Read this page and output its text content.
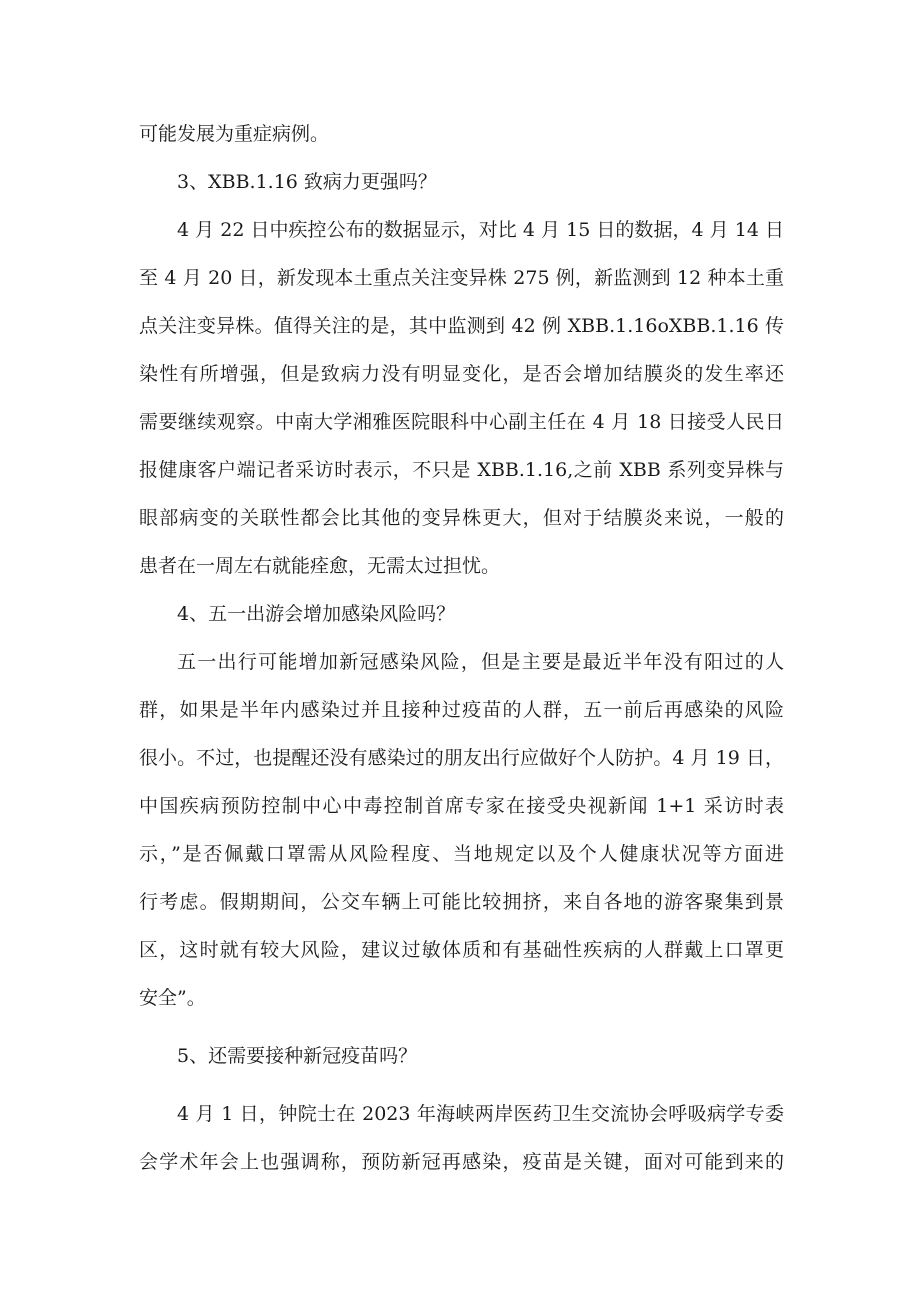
可能发展为重症病例。
3、XBB.1.16 致病力更强吗？
4 月 22 日中疾控公布的数据显示，对比 4 月 15 日的数据，4 月 14 日
至 4 月 20 日，新发现本土重点关注变异株 275 例，新监测到 12 种本土重
点关注变异株。值得关注的是，其中监测到 42 例 XBB.1.16oXBB.1.16 传
染性有所增强，但是致病力没有明显变化，是否会增加结膜炎的发生率还
需要继续观察。中南大学湘雅医院眼科中心副主任在 4 月 18 日接受人民日
报健康客户端记者采访时表示，不只是 XBB.1.16,之前 XBB 系列变异株与
眼部病变的关联性都会比其他的变异株更大，但对于结膜炎来说，一般的
患者在一周左右就能痊愈，无需太过担忧。
4、五一出游会增加感染风险吗？
五一出行可能增加新冠感染风险，但是主要是最近半年没有阳过的人
群，如果是半年内感染过并且接种过疫苗的人群，五一前后再感染的风险
很小。不过，也提醒还没有感染过的朋友出行应做好个人防护。4 月 19 日，
中国疾病预防控制中心中毒控制首席专家在接受央视新闻 1+1 采访时表
示，”是否佩戴口罩需从风险程度、当地规定以及个人健康状况等方面进
行考虑。假期期间，公交车辆上可能比较拥挤，来自各地的游客聚集到景
区，这时就有较大风险，建议过敏体质和有基础性疾病的人群戴上口罩更
安全”。
5、还需要接种新冠疫苗吗？
4 月 1 日，钟院士在 2023 年海峡两岸医药卫生交流协会呼吸病学专委
会学术年会上也强调称，预防新冠再感染，疫苗是关键，面对可能到来的
